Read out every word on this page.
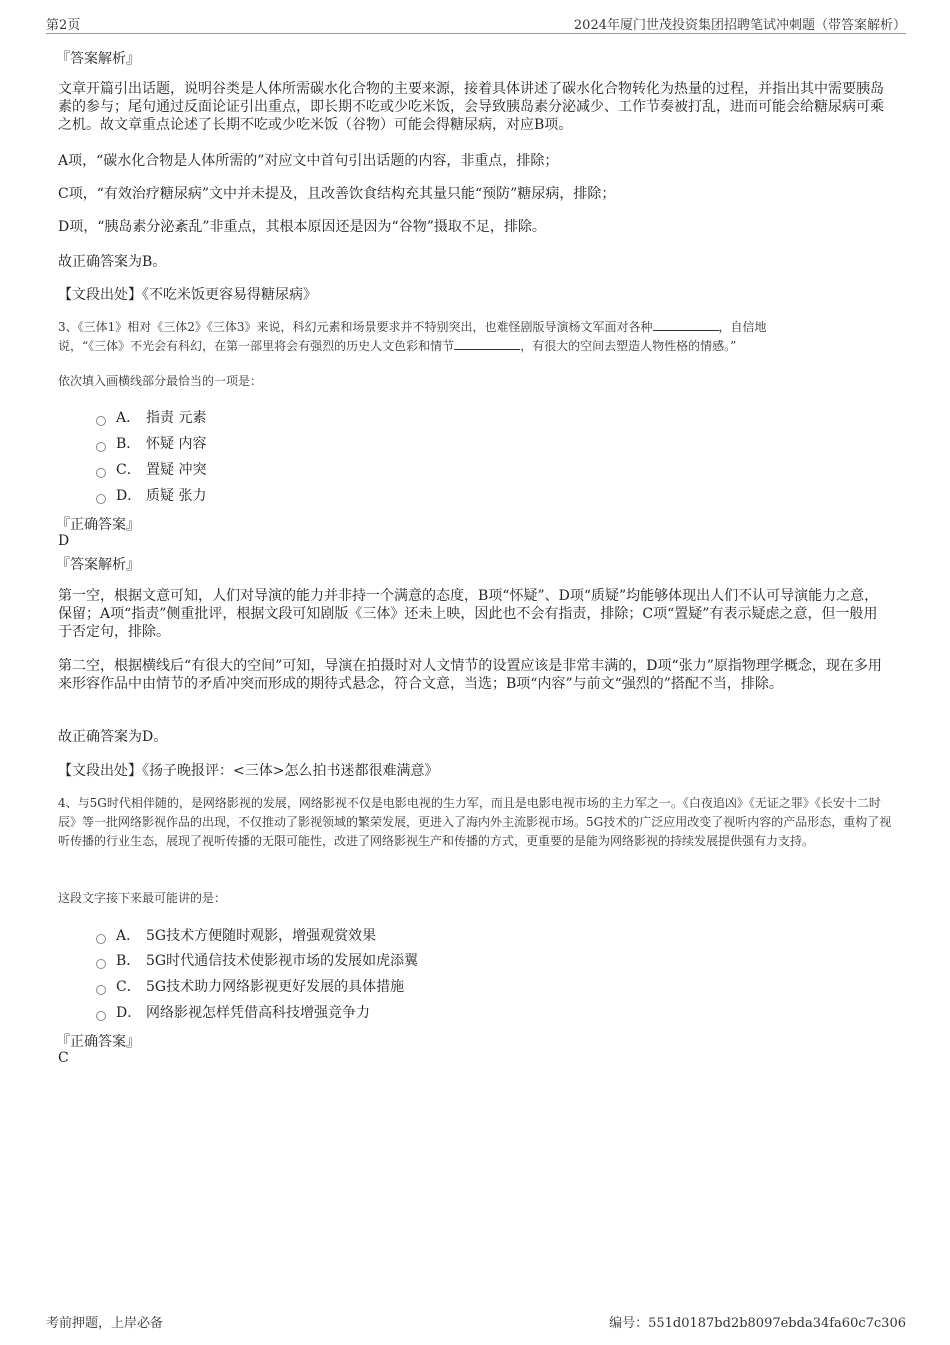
第2页	2024年厦门世茂投资集团招聘笔试冲刺题（带答案解析）
『答案解析』
文章开篇引出话题，说明谷类是人体所需碳水化合物的主要来源，接着具体讲述了碳水化合物转化为热量的过程，并指出其中需要胰岛素的参与；尾句通过反面论证引出重点，即长期不吃或少吃米饭，会导致胰岛素分泌减少、工作节奏被打乱，进而可能会给糖尿病可乘之机。故文章重点论述了长期不吃或少吃米饭（谷物）可能会得糖尿病，对应B项。
A项，“碳水化合物是人体所需的”对应文中首句引出话题的内容，非重点，排除；
C项，“有效治疗糖尿病”文中并未提及，且改善饮食结构充其量只能“预防”糖尿病，排除；
D项，“胰岛素分泌紊乱”非重点，其根本原因还是因为“谷物”摄取不足，排除。
故正确答案为B。
【文段出处】《不吃米饭更容易得糖尿病》
3、《三体1》相对《三体2》《三体3》来说，科幻元素和场景要求并不特别突出，也难怪剧版导演杨文军面对各种	，自信地
说，“《三体》不光会有科幻，在第一部里将会有强烈的历史人文色彩和情节	，有很大的空间去塑造人物性格的情感。”
依次填入画横线部分最恰当的一项是：
A． 指责 元素
B． 怀疑 内容
C． 置疑 冲突
D． 质疑 张力
『正确答案』
D
『答案解析』
第一空，根据文意可知，人们对导演的能力并非持一个满意的态度，B项“怀疑”、D项“质疑”均能够体现出人们不认可导演能力之意，保留；A项“指责”侧重批评，根据文段可知剧版《三体》还未上映，因此也不会有指责，排除；C项“置疑”有表示疑虑之意，但一般用于否定句，排除。
第二空，根据横线后“有很大的空间”可知，导演在拍摄时对人文情节的设置应该是非常丰满的，D项“张力”原指物理学概念，现在多用来形容作品中由情节的矛盾冲突而形成的期待式悬念，符合文意，当选；B项“内容”与前文“强烈的”搭配不当，排除。
故正确答案为D。
【文段出处】《扬子晚报评：<三体>怎么拍书迷都很难满意》
4、与5G时代相伴随的，是网络影视的发展，网络影视不仅是电影电视的生力军，而且是电影电视市场的主力军之一。《白夜追凶》《无证之罪》《长安十二时辰》等一批网络影视作品的出现，不仅推动了影视领域的繁荣发展，更进入了海内外主流影视市场。5G技术的广泛应用改变了视听内容的产品形态，重构了视听传播的行业生态，展现了视听传播的无限可能性，改进了网络影视生产和传播的方式，更重要的是能为网络影视的持续发展提供强有力支持。
这段文字接下来最可能讲的是：
A． 5G技术方便随时观影，增强观赏效果
B． 5G时代通信技术使影视市场的发展如虎添翼
C． 5G技术助力网络影视更好发展的具体措施
D． 网络影视怎样凭借高科技增强竞争力
『正确答案』
C
考前押题，上岸必备	编号：551d0187bd2b8097ebda34fa60c7c306
